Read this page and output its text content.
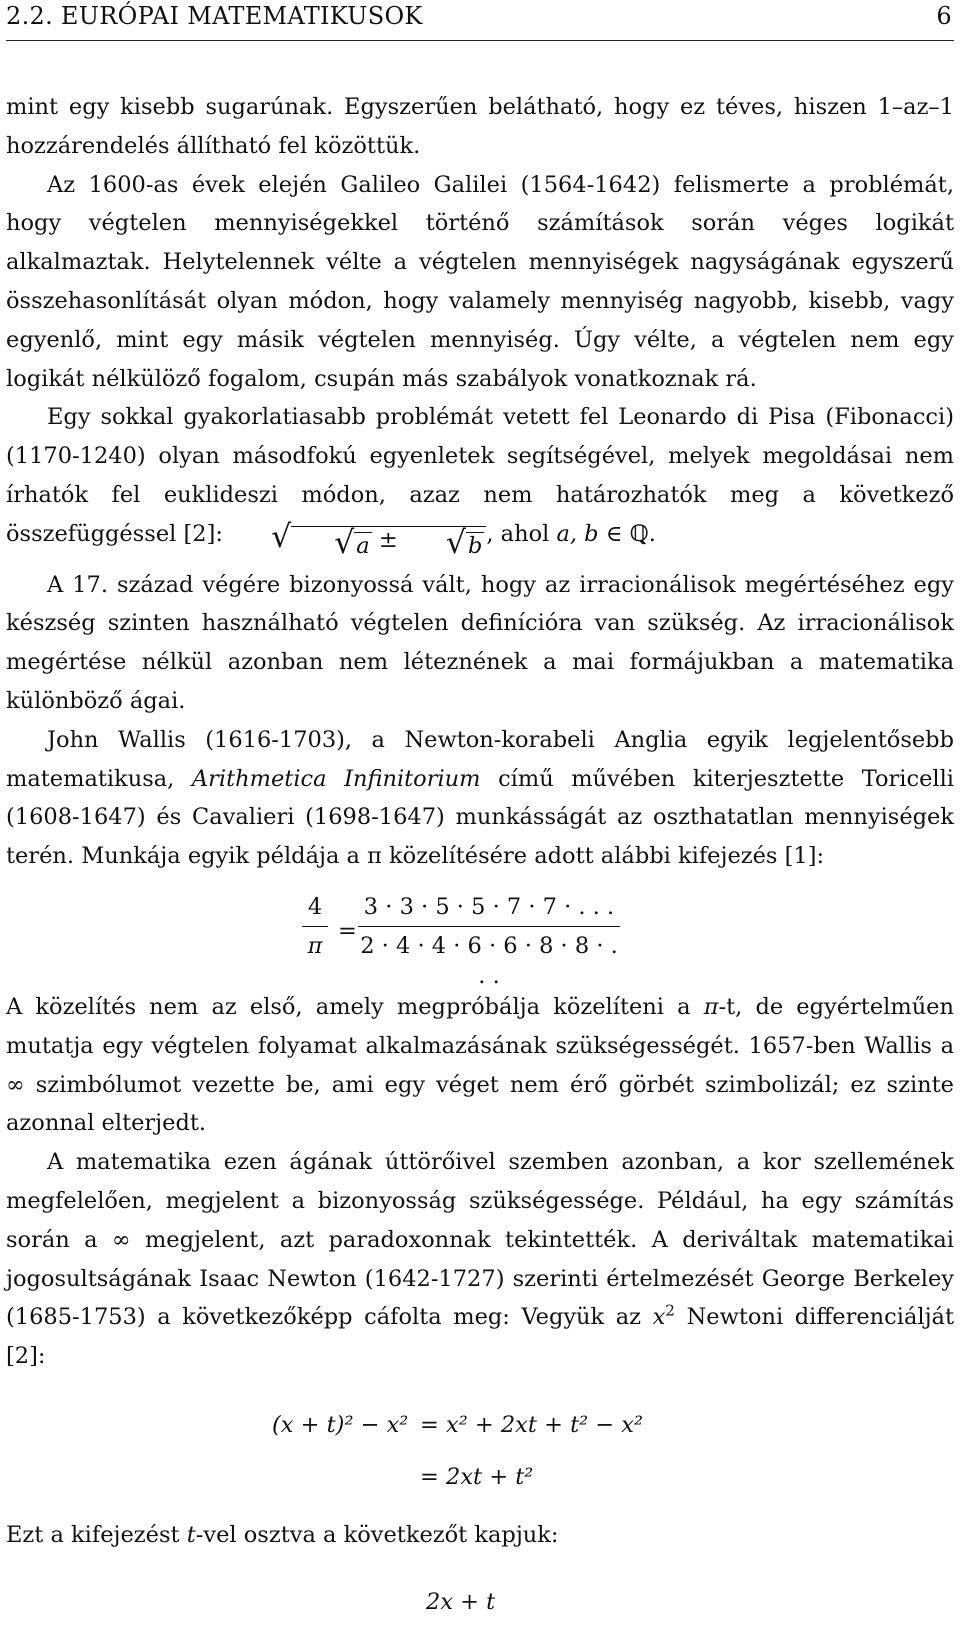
2.2. EURÓPAI MATEMATIKUSOK	6

mint egy kisebb sugarúnak. Egyszerűen belátható, hogy ez téves, hiszen 1–az–1 hozzárendelés állítható fel közöttük.

Az 1600-as évek elején Galileo Galilei (1564-1642) felismerte a problémát, hogy végtelen mennyiségekkel történő számítások során véges logikát alkalmaztak. Helytelennek vélte a végtelen mennyiségek nagyságának egyszerű összehasonlítását olyan módon, hogy valamely mennyiség nagyobb, kisebb, vagy egyenlő, mint egy másik végtelen mennyiség. Úgy vélte, a végtelen nem egy logikát nélkülöző fogalom, csupán más szabályok vonatkoznak rá.

Egy sokkal gyakorlatiasabb problémát vetett fel Leonardo di Pisa (Fibonacci) (1170-1240) olyan másodfokú egyenletek segítségével, melyek megoldásai nem írhatók fel euklideszi módon, azaz nem határozhatók meg a következő összefüggéssel [2]: √ √a ± √b , ahol a, b ∈ ℚ.

A 17. század végére bizonyossá vált, hogy az irracionálisok megértéséhez egy készség szinten használható végtelen definícióra van szükség. Az irracionálisok megértése nélkül azonban nem léteznének a mai formájukban a matematika különböző ágai.

John Wallis (1616-1703), a Newton-korabeli Anglia egyik legjelentősebb matematikusa, Arithmetica Infinitorium című művében kiterjesztette Toricelli (1608-1647) és Cavalieri (1698-1647) munkásságát az oszthatatlan mennyiségek terén. Munkája egyik példája a π közelítésére adott alábbi kifejezés [1]:

4
π
=
3 · 3 · 5 · 5 · 7 · 7 · . . .
2 · 4 · 4 · 6 · 6 · 8 · 8 · . . .

A közelítés nem az első, amely megpróbálja közelíteni a π-t, de egyértelműen mutatja egy végtelen folyamat alkalmazásának szükségességét. 1657-ben Wallis a ∞ szimbólumot vezette be, ami egy véget nem érő görbét szimbolizál; ez szinte azonnal elterjedt.

A matematika ezen ágának úttörőivel szemben azonban, a kor szellemének megfelelően, megjelent a bizonyosság szükségessége. Például, ha egy számítás során a ∞ megjelent, azt paradoxonnak tekintették. A deriváltak matematikai jogosultságának Isaac Newton (1642-1727) szerinti értelmezését George Berkeley (1685-1753) a következőképp cáfolta meg: Vegyük az $x^2$ Newtoni differenciálját [2]:

(x + t)² − x² = x² + 2xt + t² − x²
= 2xt + t²

Ezt a kifejezést t-vel osztva a következőt kapjuk:

2x + t
